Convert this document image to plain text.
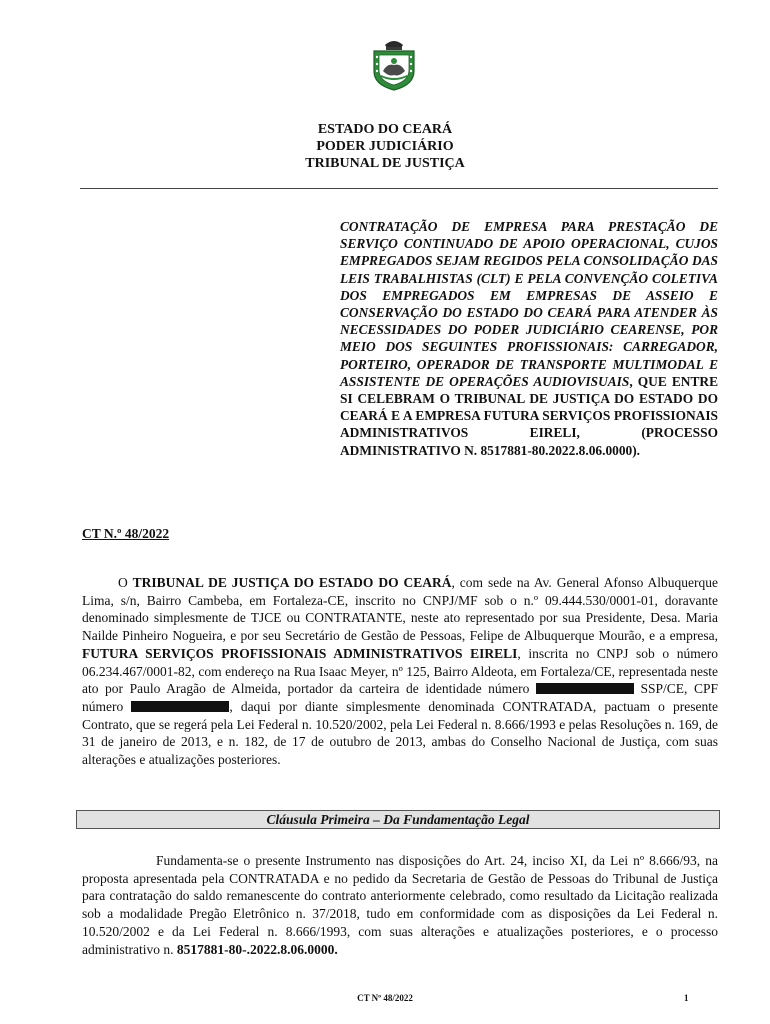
ESTADO DO CEARÁ
PODER JUDICIÁRIO
TRIBUNAL DE JUSTIÇA
CONTRATAÇÃO DE EMPRESA PARA PRESTAÇÃO DE SERVIÇO CONTINUADO DE APOIO OPERACIONAL, CUJOS EMPREGADOS SEJAM REGIDOS PELA CONSOLIDAÇÃO DAS LEIS TRABALHISTAS (CLT) E PELA CONVENÇÃO COLETIVA DOS EMPREGADOS EM EMPRESAS DE ASSEIO E CONSERVAÇÃO DO ESTADO DO CEARÁ PARA ATENDER ÀS NECESSIDADES DO PODER JUDICIÁRIO CEARENSE, POR MEIO DOS SEGUINTES PROFISSIONAIS: CARREGADOR, PORTEIRO, OPERADOR DE TRANSPORTE MULTIMODAL E ASSISTENTE DE OPERAÇÕES AUDIOVISUAIS, QUE ENTRE SI CELEBRAM O TRIBUNAL DE JUSTIÇA DO ESTADO DO CEARÁ E A EMPRESA FUTURA SERVIÇOS PROFISSIONAIS ADMINISTRATIVOS EIRELI, (PROCESSO ADMINISTRATIVO N. 8517881-80.2022.8.06.0000).
CT N.º 48/2022
O TRIBUNAL DE JUSTIÇA DO ESTADO DO CEARÁ, com sede na Av. General Afonso Albuquerque Lima, s/n, Bairro Cambeba, em Fortaleza-CE, inscrito no CNPJ/MF sob o n.º 09.444.530/0001-01, doravante denominado simplesmente de TJCE ou CONTRATANTE, neste ato representado por sua Presidente, Desa. Maria Nailde Pinheiro Nogueira, e por seu Secretário de Gestão de Pessoas, Felipe de Albuquerque Mourão, e a empresa, FUTURA SERVIÇOS PROFISSIONAIS ADMINISTRATIVOS EIRELI, inscrita no CNPJ sob o número 06.234.467/0001-82, com endereço na Rua Isaac Meyer, nº 125, Bairro Aldeota, em Fortaleza/CE, representada neste ato por Paulo Aragão de Almeida, portador da carteira de identidade número	SSP/CE, CPF número	, daqui por diante simplesmente denominada CONTRATADA, pactuam o presente Contrato, que se regerá pela Lei Federal n. 10.520/2002, pela Lei Federal n. 8.666/1993 e pelas Resoluções n. 169, de 31 de janeiro de 2013, e n. 182, de 17 de outubro de 2013, ambas do Conselho Nacional de Justiça, com suas alterações e atualizações posteriores.
Cláusula Primeira – Da Fundamentação Legal
Fundamenta-se o presente Instrumento nas disposições do Art. 24, inciso XI, da Lei nº 8.666/93, na proposta apresentada pela CONTRATADA e no pedido da Secretaria de Gestão de Pessoas do Tribunal de Justiça para contratação do saldo remanescente do contrato anteriormente celebrado, como resultado da Licitação realizada sob a modalidade Pregão Eletrônico n. 37/2018, tudo em conformidade com as disposições da Lei Federal n. 10.520/2002 e da Lei Federal n. 8.666/1993, com suas alterações e atualizações posteriores, e o processo administrativo n. 8517881-80-.2022.8.06.0000.
CT Nº 48/2022	1
